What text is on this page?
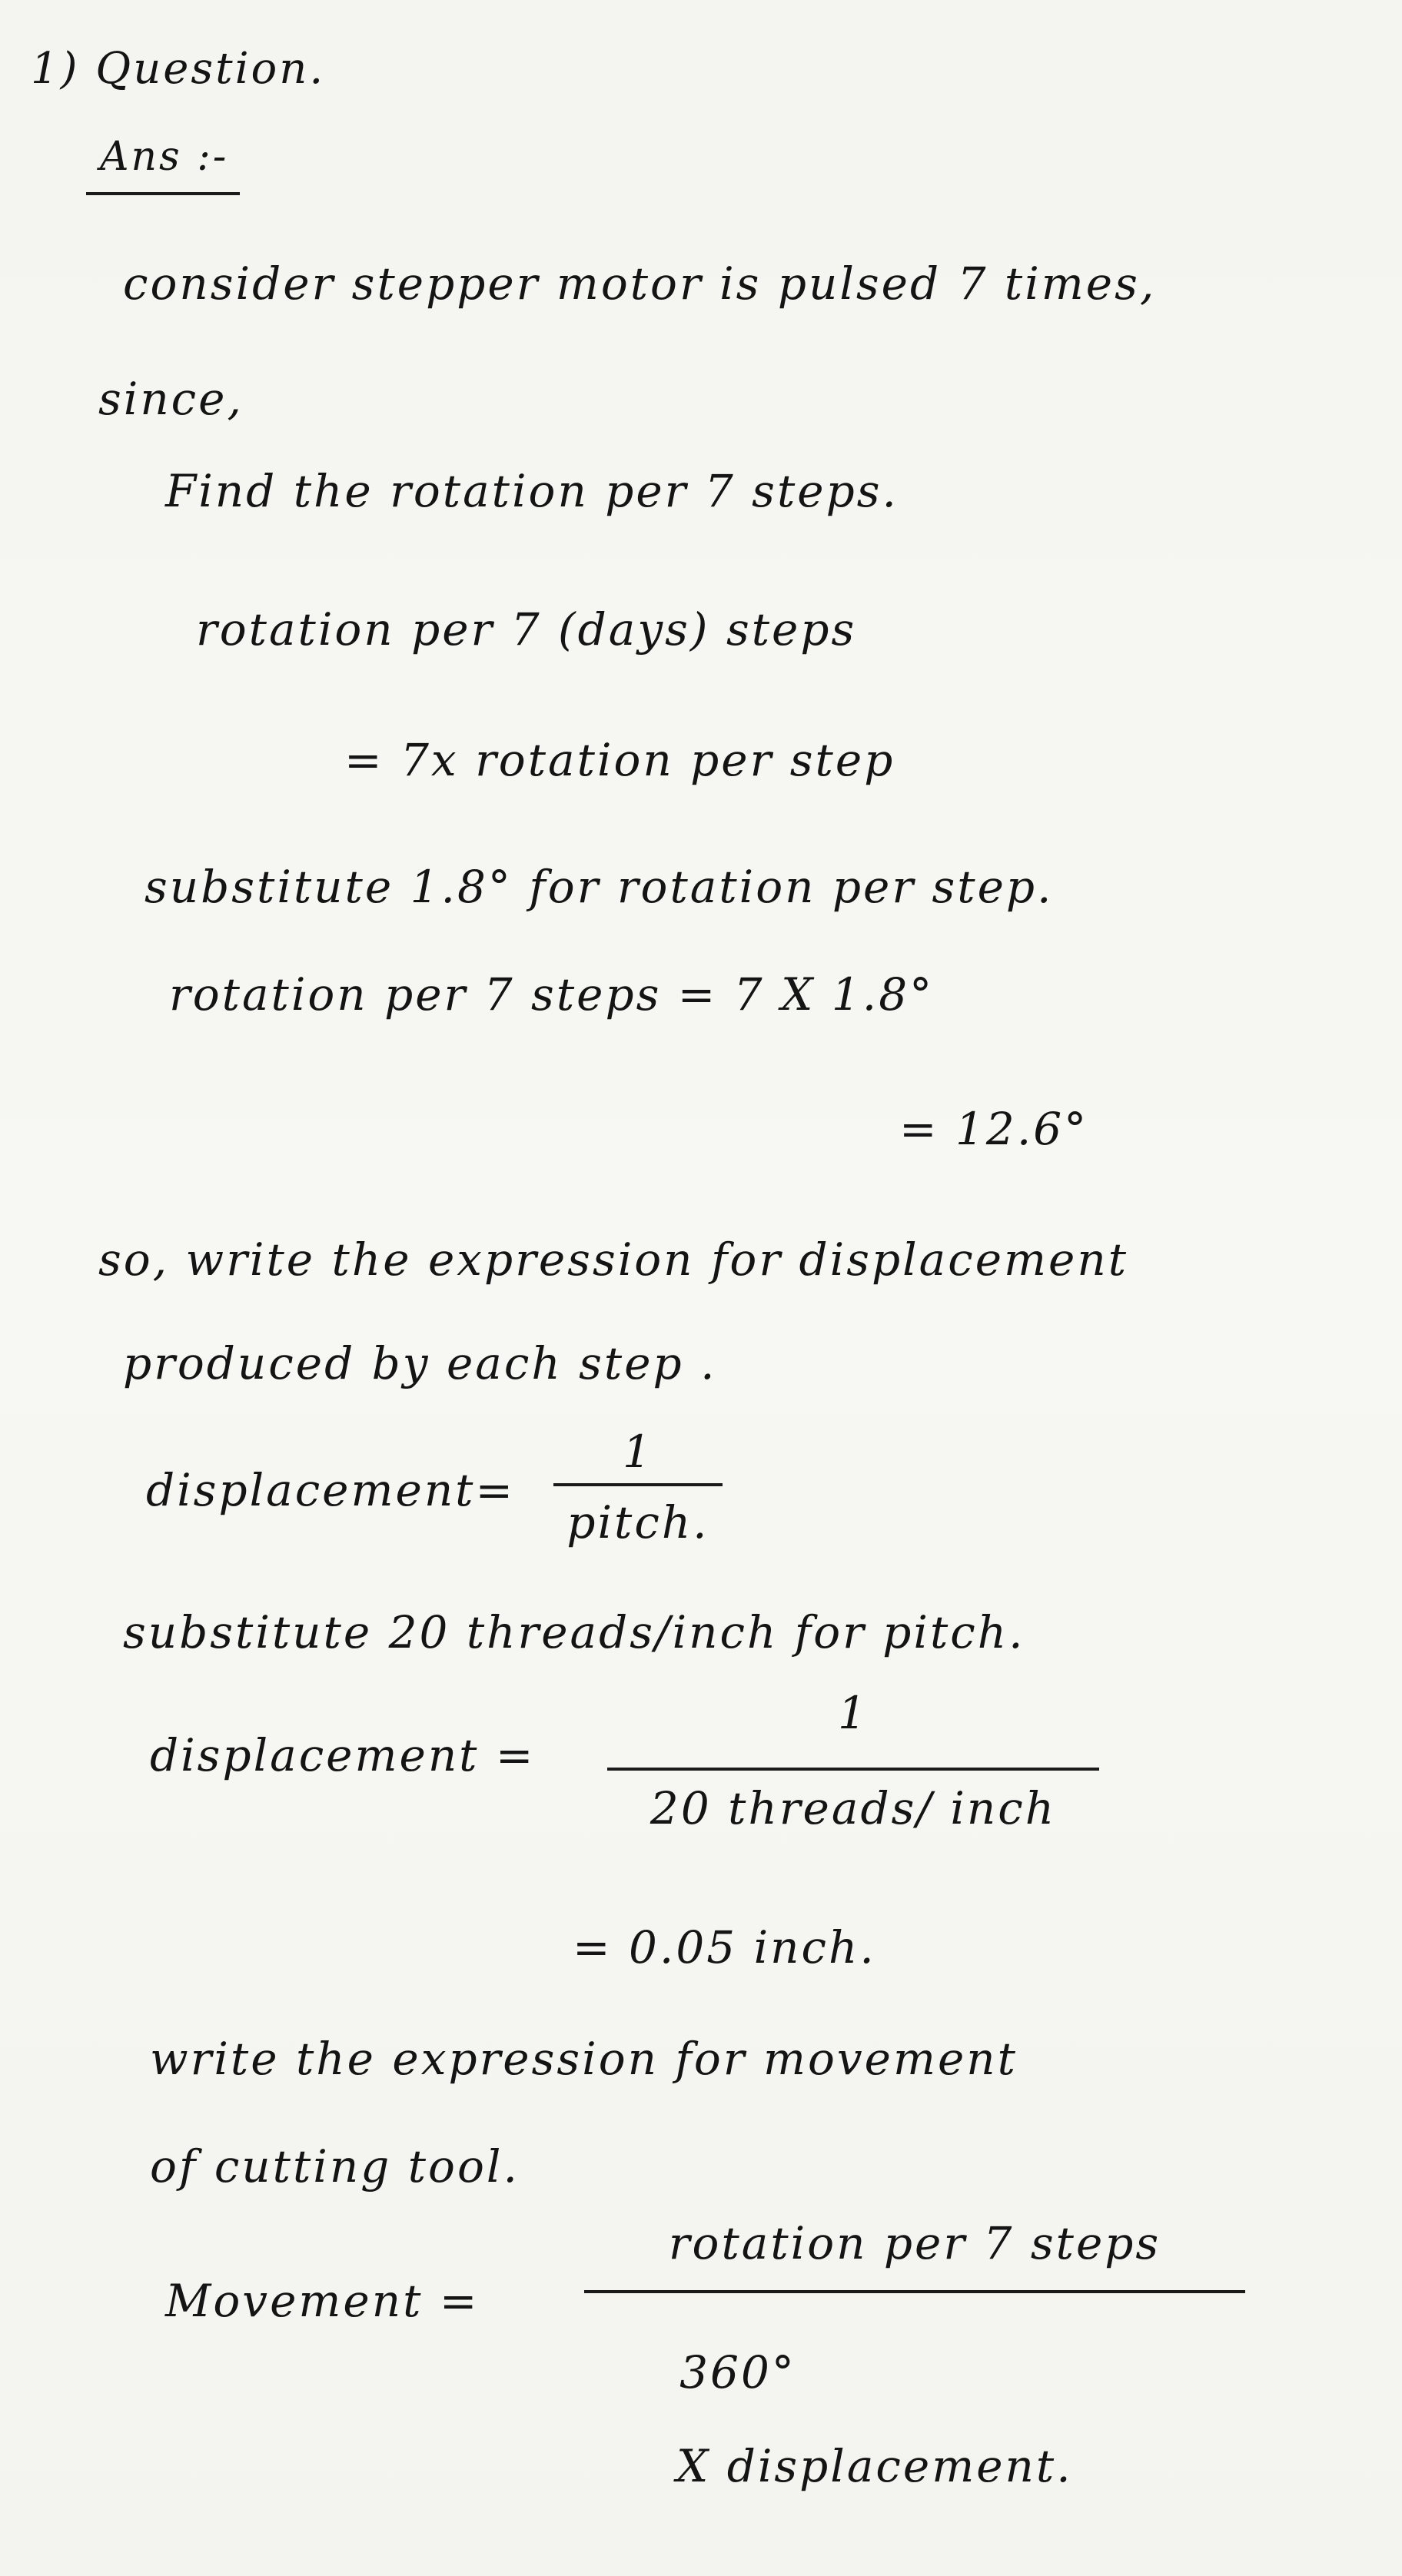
1) Question.
Ans :-
consider stepper motor is pulsed 7 times,
since,
Find the rotation per 7 steps.
rotation per 7 (days) steps
= 7x rotation per step
substitute 1.8° for rotation per step.
rotation per 7 steps = 7 X 1.8°
= 12.6°
so, write the expression for displacement
produced by each step .
displacement=
1
pitch.
substitute 20 threads/inch for pitch.
displacement =
1
20 threads/ inch
= 0.05 inch.
write the expression for movement
of cutting tool.
Movement =
rotation per 7 steps
360°
X displacement.
